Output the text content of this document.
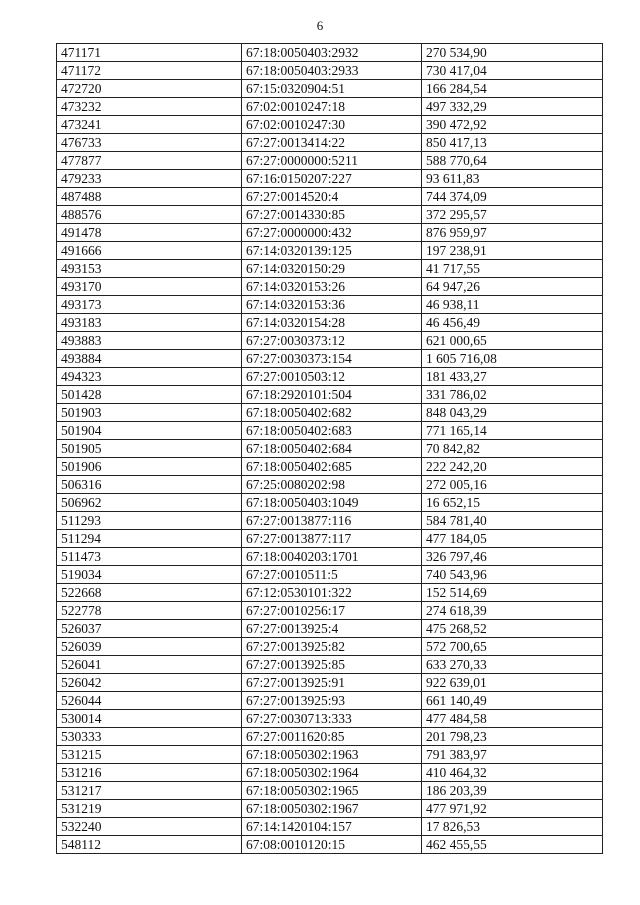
6
471171	67:18:0050403:2932	270 534,90
471172	67:18:0050403:2933	730 417,04
472720	67:15:0320904:51	166 284,54
473232	67:02:0010247:18	497 332,29
473241	67:02:0010247:30	390 472,92
476733	67:27:0013414:22	850 417,13
477877	67:27:0000000:5211	588 770,64
479233	67:16:0150207:227	93 611,83
487488	67:27:0014520:4	744 374,09
488576	67:27:0014330:85	372 295,57
491478	67:27:0000000:432	876 959,97
491666	67:14:0320139:125	197 238,91
493153	67:14:0320150:29	41 717,55
493170	67:14:0320153:26	64 947,26
493173	67:14:0320153:36	46 938,11
493183	67:14:0320154:28	46 456,49
493883	67:27:0030373:12	621 000,65
493884	67:27:0030373:154	1 605 716,08
494323	67:27:0010503:12	181 433,27
501428	67:18:2920101:504	331 786,02
501903	67:18:0050402:682	848 043,29
501904	67:18:0050402:683	771 165,14
501905	67:18:0050402:684	70 842,82
501906	67:18:0050402:685	222 242,20
506316	67:25:0080202:98	272 005,16
506962	67:18:0050403:1049	16 652,15
511293	67:27:0013877:116	584 781,40
511294	67:27:0013877:117	477 184,05
511473	67:18:0040203:1701	326 797,46
519034	67:27:0010511:5	740 543,96
522668	67:12:0530101:322	152 514,69
522778	67:27:0010256:17	274 618,39
526037	67:27:0013925:4	475 268,52
526039	67:27:0013925:82	572 700,65
526041	67:27:0013925:85	633 270,33
526042	67:27:0013925:91	922 639,01
526044	67:27:0013925:93	661 140,49
530014	67:27:0030713:333	477 484,58
530333	67:27:0011620:85	201 798,23
531215	67:18:0050302:1963	791 383,97
531216	67:18:0050302:1964	410 464,32
531217	67:18:0050302:1965	186 203,39
531219	67:18:0050302:1967	477 971,92
532240	67:14:1420104:157	17 826,53
548112	67:08:0010120:15	462 455,55
